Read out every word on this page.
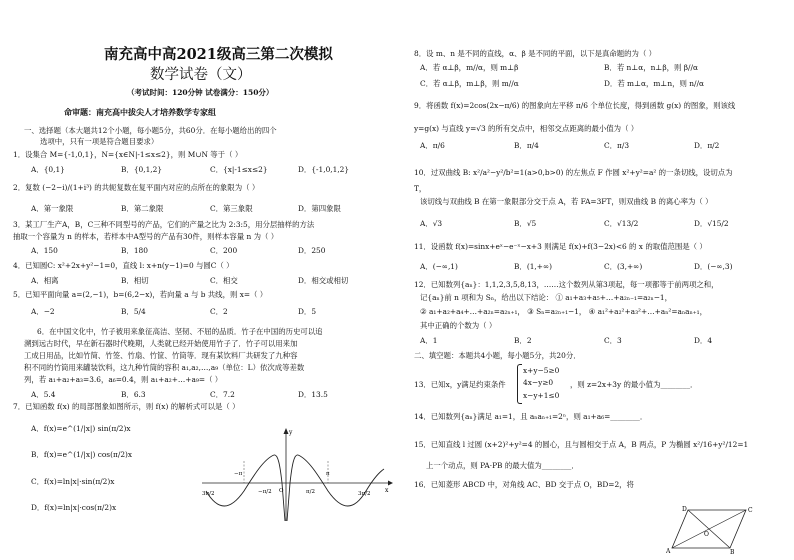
南充高中高2021级高三第二次模拟
数学试卷（文）
（考试时间：120分钟 试卷满分：150分）
命审题：南充高中拔尖人才培养数学专家组
一、选择题（本大题共12个小题，每小题5分，共60分．在每小题给出的四个
选项中，只有一项是符合题目要求）
1．设集合 M={-1,0,1}，N={x∈N|-1≤x≤2}，则 M∪N 等于（ ）
A．{0,1}	B．{0,1,2}	C．{x|-1≤x≤2}	D．{-1,0,1,2}
2．复数 (−2−i)/(1+i³) 的共轭复数在复平面内对应的点所在的象限为（ ）
A．第一象限	B．第二象限	C．第三象限	D．第四象限
3．某工厂生产A，B，C三种不同型号的产品，它们的产量之比为 2:3:5，用分层抽样的方法
抽取一个容量为 n 的样本，若样本中A型号的产品有30件，则样本容量 n 为（ ）
A．150	B．180	C．200	D．250
4．已知圆C: x²+2x+y²−1=0，直线 l: x+n(y−1)=0 与圆C（ ）
A．相离	B．相切	C．相交	D．相交或相切
5．已知平面向量 a=(2,−1)，b=(6,2−x)，若向量 a 与 b 共线，则 x=（ ）
A．−2	B．5/4	C．2	D．5
6．在中国文化中，竹子被用来象征高洁、坚韧、不屈的品质．竹子在中国的历史可以追
溯到远古时代，早在新石器时代晚期，人类就已经开始使用竹子了．竹子可以用来加
工成日用品，比如竹简、竹签、竹扇、竹筐、竹筒等．现有某饮料厂共研发了九种容
积不同的竹筒用来罐装饮料，这九种竹筒的容积 a₁,a₂,…,a₉（单位：L）依次成等差数
列，若 a₁+a₂+a₃=3.6，a₆=0.4，则 a₁+a₂+…+a₉=（ ）
A．5.4	B．6.3	C．7.2	D．13.5
7．已知函数 f(x) 的局部图象如图所示，则 f(x) 的解析式可以是（ ）
A．f(x)=e^(1/|x|) sin(π/2)x
B．f(x)=e^(1/|x|) cos(π/2)x
C．f(x)=ln|x|·sin(π/2)x
D．f(x)=ln|x|·cos(π/2)x
3π/2
−π
−π/2 O	π/2
π
3π/2 x
y
8．设 m、n 是不同的直线，α、β 是不同的平面，以下是真命题的为（ ）
A．若 α⊥β，m//α，则 m⊥β	B．若 n⊥α，n⊥β，则 β//α
C．若 α⊥β，m⊥β，则 m//α	D．若 m⊥α，m⊥n，则 n//α
9．将函数 f(x)=2cos(2x−π/6) 的图象向左平移 π/6 个单位长度，得到函数 g(x) 的图象，则该线
y=g(x) 与直线 y=√3 的所有交点中，相邻交点距离的最小值为（ ）
A．π/6	B．π/4	C．π/3	D．π/2
10．过双曲线 B: x²/a²−y²/b²=1(a>0,b>0) 的左焦点 F 作圆 x²+y²=a² 的一条切线，设切点为
T，
该切线与双曲线 B 在第一象限部分交于点 A，若 FA=3FT，则双曲线 B 的离心率为（ ）
A．√3	B．√5	C．√13/2	D．√15/2
11．设函数 f(x)=sinx+eˣ−e⁻ˣ−x+3 则满足 f(x)+f(3−2x)<6 的 x 的取值范围是（ ）
A．(−∞,1)	B．(1,+∞)	C．(3,+∞)	D．(−∞,3)
12．已知数列{aₙ}：1,1,2,3,5,8,13，……这个数列从第3项起，每一项都等于前两项之和，
记{aₙ}前 n 项和为 Sₙ，给出以下结论： ① a₁+a₃+a₅+…+a₂ₙ₋₁=a₂ₙ−1，
② a₁+a₂+a₄+…+a₂ₙ=a₂ₙ₊₁， ③ Sₙ=a₂ₙ₊₁−1， ④ a₁²+a₂²+a₃²+…+aₙ²=aₙaₙ₊₁，
其中正确的个数为（ ）
A．1	B．2	C．3	D．4
二、填空题：本题共4小题，每小题5分，共20分．
13．已知x，y满足约束条件
x+y−5≥0
4x−y≥0
x−y+1≤0
，则 z=2x+3y 的最小值为________．
14．已知数列{aₙ}满足 a₁=1，且 aₙaₙ₊₁=2ⁿ，则 a₁+a₆=________．
15．已知直线 l 过圆 (x+2)²+y²=4 的圆心，且与圆相交于点 A，B 两点，P 为椭圆 x²/16+y²/12=1
上一个动点，则 PA·PB 的最大值为________．
16．已知菱形 ABCD 中，对角线 AC、BD 交于点 O，BD=2，将
D	C
O
A	B
